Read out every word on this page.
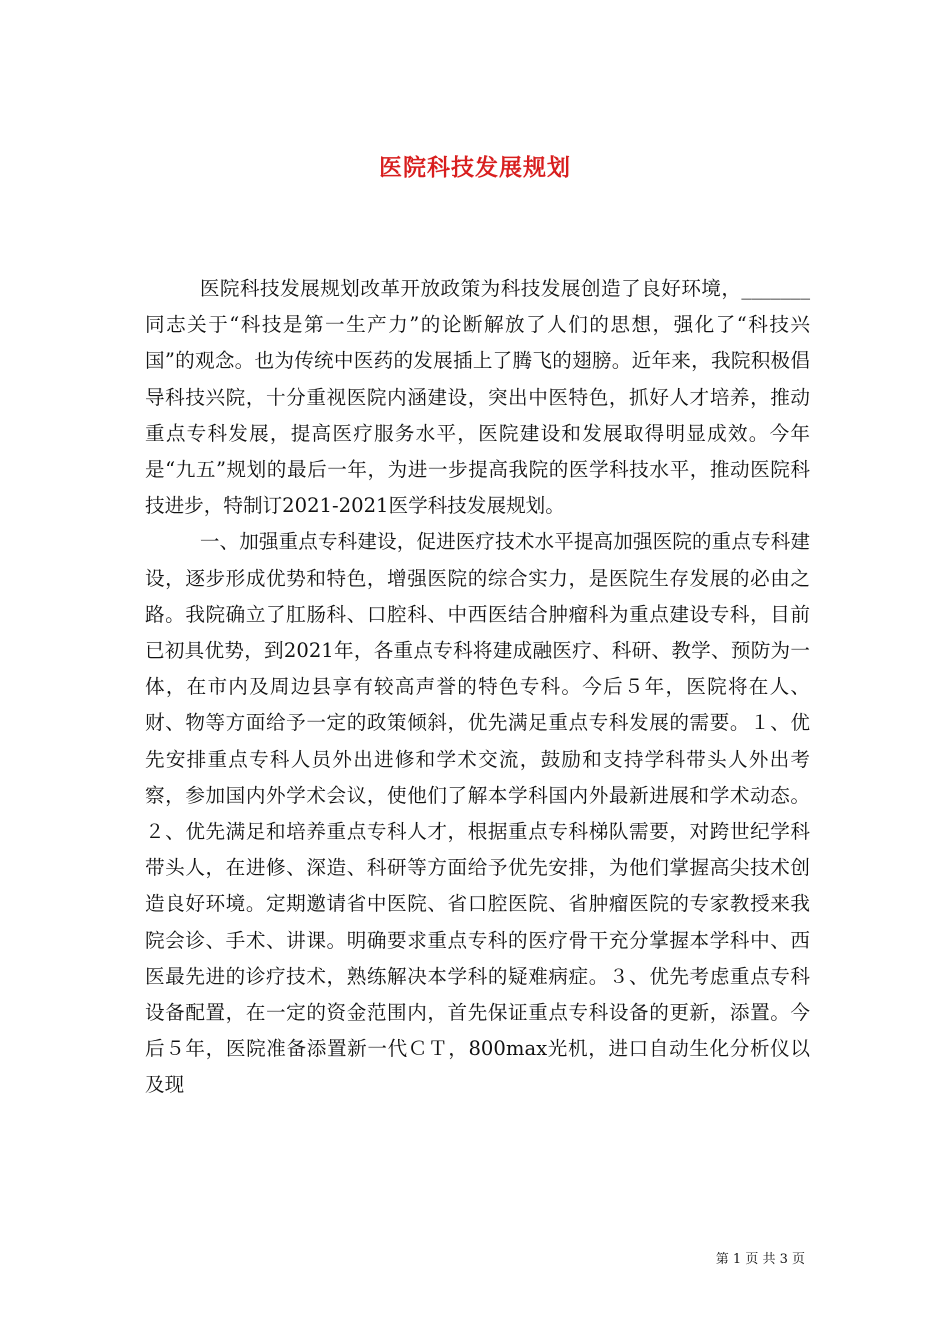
医院科技发展规划

医院科技发展规划改革开放政策为科技发展创造了良好环境，_______同志关于“科技是第一生产力”的论断解放了人们的思想，强化了“科技兴国”的观念。也为传统中医药的发展插上了腾飞的翅膀。近年来，我院积极倡导科技兴院，十分重视医院内涵建设，突出中医特色，抓好人才培养，推动重点专科发展，提高医疗服务水平，医院建设和发展取得明显成效。今年是“九五”规划的最后一年，为进一步提高我院的医学科技水平，推动医院科技进步，特制订2021-2021医学科技发展规划。

一、加强重点专科建设，促进医疗技术水平提高加强医院的重点专科建设，逐步形成优势和特色，增强医院的综合实力，是医院生存发展的必由之路。我院确立了肛肠科、口腔科、中西医结合肿瘤科为重点建设专科，目前已初具优势，到2021年，各重点专科将建成融医疗、科研、教学、预防为一体，在市内及周边县享有较高声誉的特色专科。今后５年，医院将在人、财、物等方面给予一定的政策倾斜，优先满足重点专科发展的需要。１、优先安排重点专科人员外出进修和学术交流，鼓励和支持学科带头人外出考察，参加国内外学术会议，使他们了解本学科国内外最新进展和学术动态。２、优先满足和培养重点专科人才，根据重点专科梯队需要，对跨世纪学科带头人，在进修、深造、科研等方面给予优先安排，为他们掌握高尖技术创造良好环境。定期邀请省中医院、省口腔医院、省肿瘤医院的专家教授来我院会诊、手术、讲课。明确要求重点专科的医疗骨干充分掌握本学科中、西医最先进的诊疗技术，熟练解决本学科的疑难病症。３、优先考虑重点专科设备配置，在一定的资金范围内，首先保证重点专科设备的更新，添置。今后５年，医院准备添置新一代ＣＴ，800max光机，进口自动生化分析仪以及现

第 1 页 共 3 页
